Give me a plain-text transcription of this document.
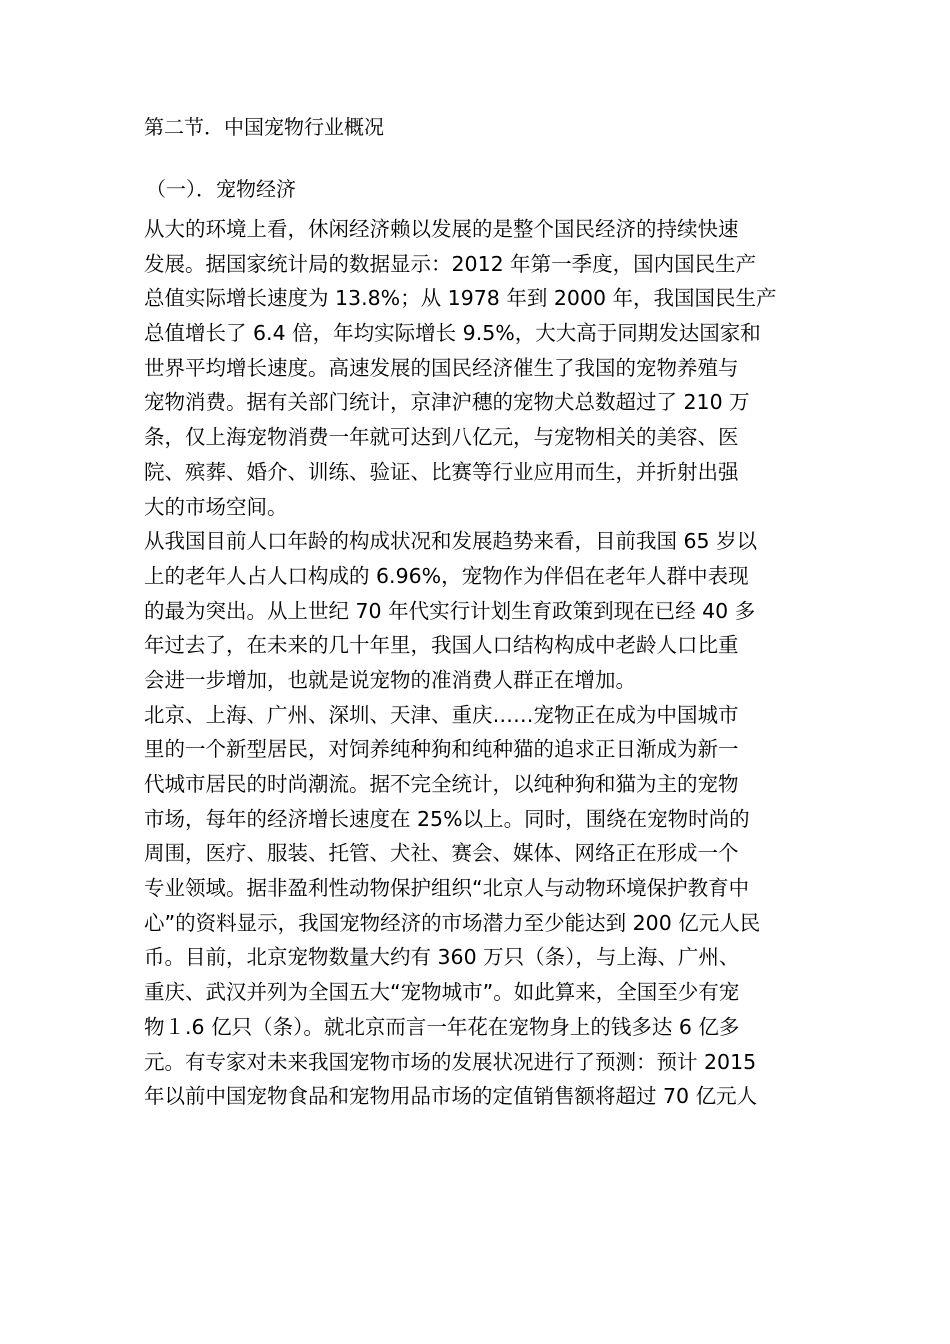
第二节．中国宠物行业概况
（一）．宠物经济
从大的环境上看，休闲经济赖以发展的是整个国民经济的持续快速
发展。据国家统计局的数据显示：2012 年第一季度，国内国民生产
总值实际增长速度为 13.8%；从 1978 年到 2000 年，我国国民生产
总值增长了 6.4 倍，年均实际增长 9.5%，大大高于同期发达国家和
世界平均增长速度。高速发展的国民经济催生了我国的宠物养殖与
宠物消费。据有关部门统计，京津沪穗的宠物犬总数超过了 210 万
条，仅上海宠物消费一年就可达到八亿元，与宠物相关的美容、医
院、殡葬、婚介、训练、验证、比赛等行业应用而生，并折射出强
大的市场空间。
从我国目前人口年龄的构成状况和发展趋势来看，目前我国 65 岁以
上的老年人占人口构成的 6.96%，宠物作为伴侣在老年人群中表现
的最为突出。从上世纪 70 年代实行计划生育政策到现在已经 40 多
年过去了，在未来的几十年里，我国人口结构构成中老龄人口比重
会进一步增加，也就是说宠物的准消费人群正在增加。
北京、上海、广州、深圳、天津、重庆……宠物正在成为中国城市
里的一个新型居民，对饲养纯种狗和纯种猫的追求正日渐成为新一
代城市居民的时尚潮流。据不完全统计，以纯种狗和猫为主的宠物
市场，每年的经济增长速度在 25%以上。同时，围绕在宠物时尚的
周围，医疗、服装、托管、犬社、赛会、媒体、网络正在形成一个
专业领域。据非盈利性动物保护组织“北京人与动物环境保护教育中
心”的资料显示，我国宠物经济的市场潜力至少能达到 200 亿元人民
币。目前，北京宠物数量大约有 360 万只（条），与上海、广州、
重庆、武汉并列为全国五大“宠物城市”。如此算来，全国至少有宠
物１.6 亿只（条）。就北京而言一年花在宠物身上的钱多达 6 亿多
元。有专家对未来我国宠物市场的发展状况进行了预测：预计 2015
年以前中国宠物食品和宠物用品市场的定值销售额将超过 70 亿元人
